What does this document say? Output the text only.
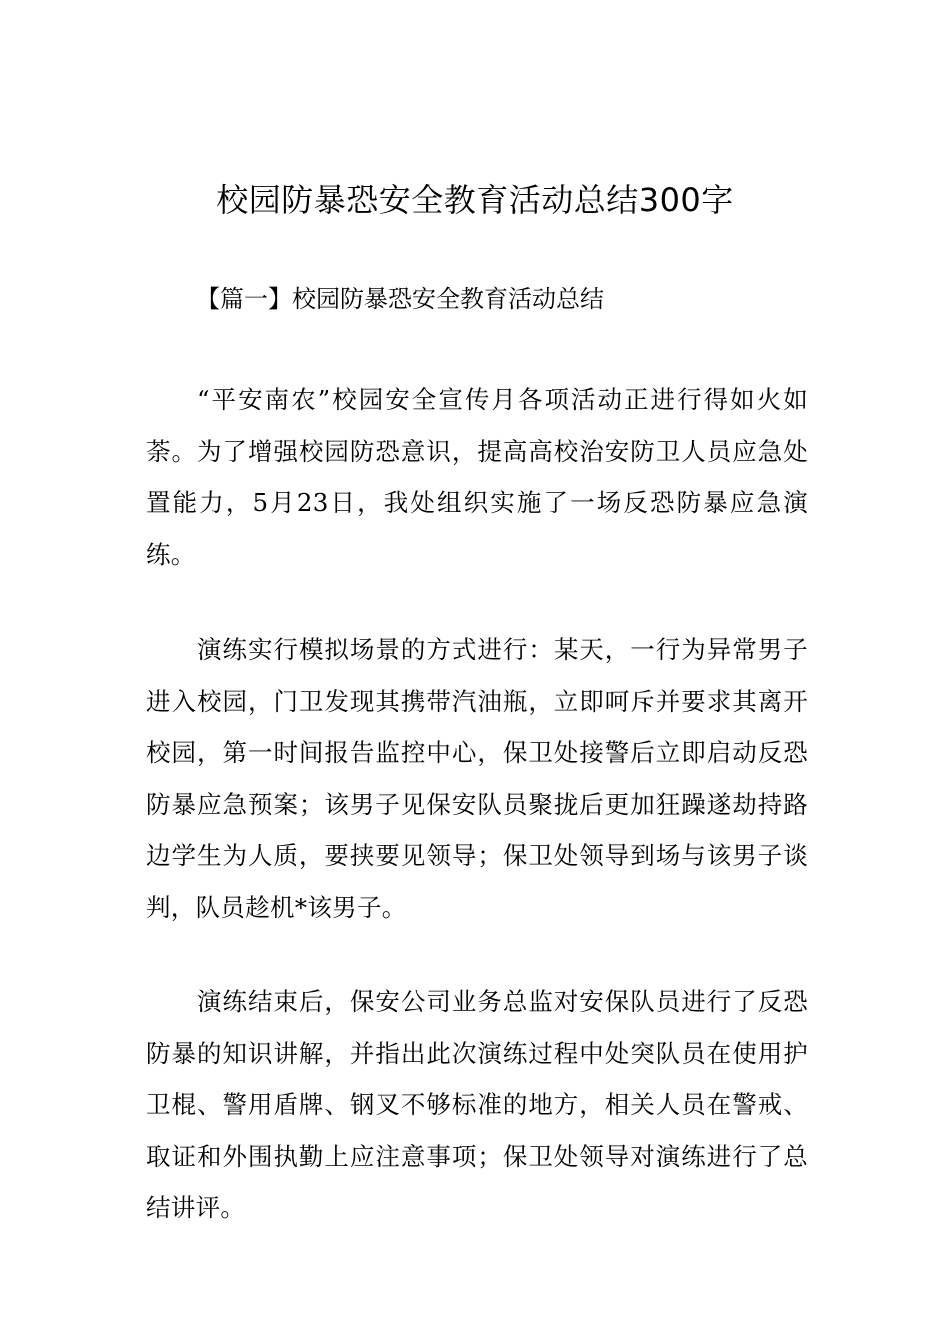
校园防暴恐安全教育活动总结300字
【篇一】校园防暴恐安全教育活动总结

“平安南农”校园安全宣传月各项活动正进行得如火如荼。为了增强校园防恐意识，提高高校治安防卫人员应急处置能力，5月23日，我处组织实施了一场反恐防暴应急演练。

演练实行模拟场景的方式进行：某天，一行为异常男子进入校园，门卫发现其携带汽油瓶，立即呵斥并要求其离开校园，第一时间报告监控中心，保卫处接警后立即启动反恐防暴应急预案；该男子见保安队员聚拢后更加狂躁遂劫持路边学生为人质，要挟要见领导；保卫处领导到场与该男子谈判，队员趁机*该男子。

演练结束后，保安公司业务总监对安保队员进行了反恐防暴的知识讲解，并指出此次演练过程中处突队员在使用护卫棍、警用盾牌、钢叉不够标准的地方，相关人员在警戒、取证和外围执勤上应注意事项；保卫处领导对演练进行了总结讲评。
